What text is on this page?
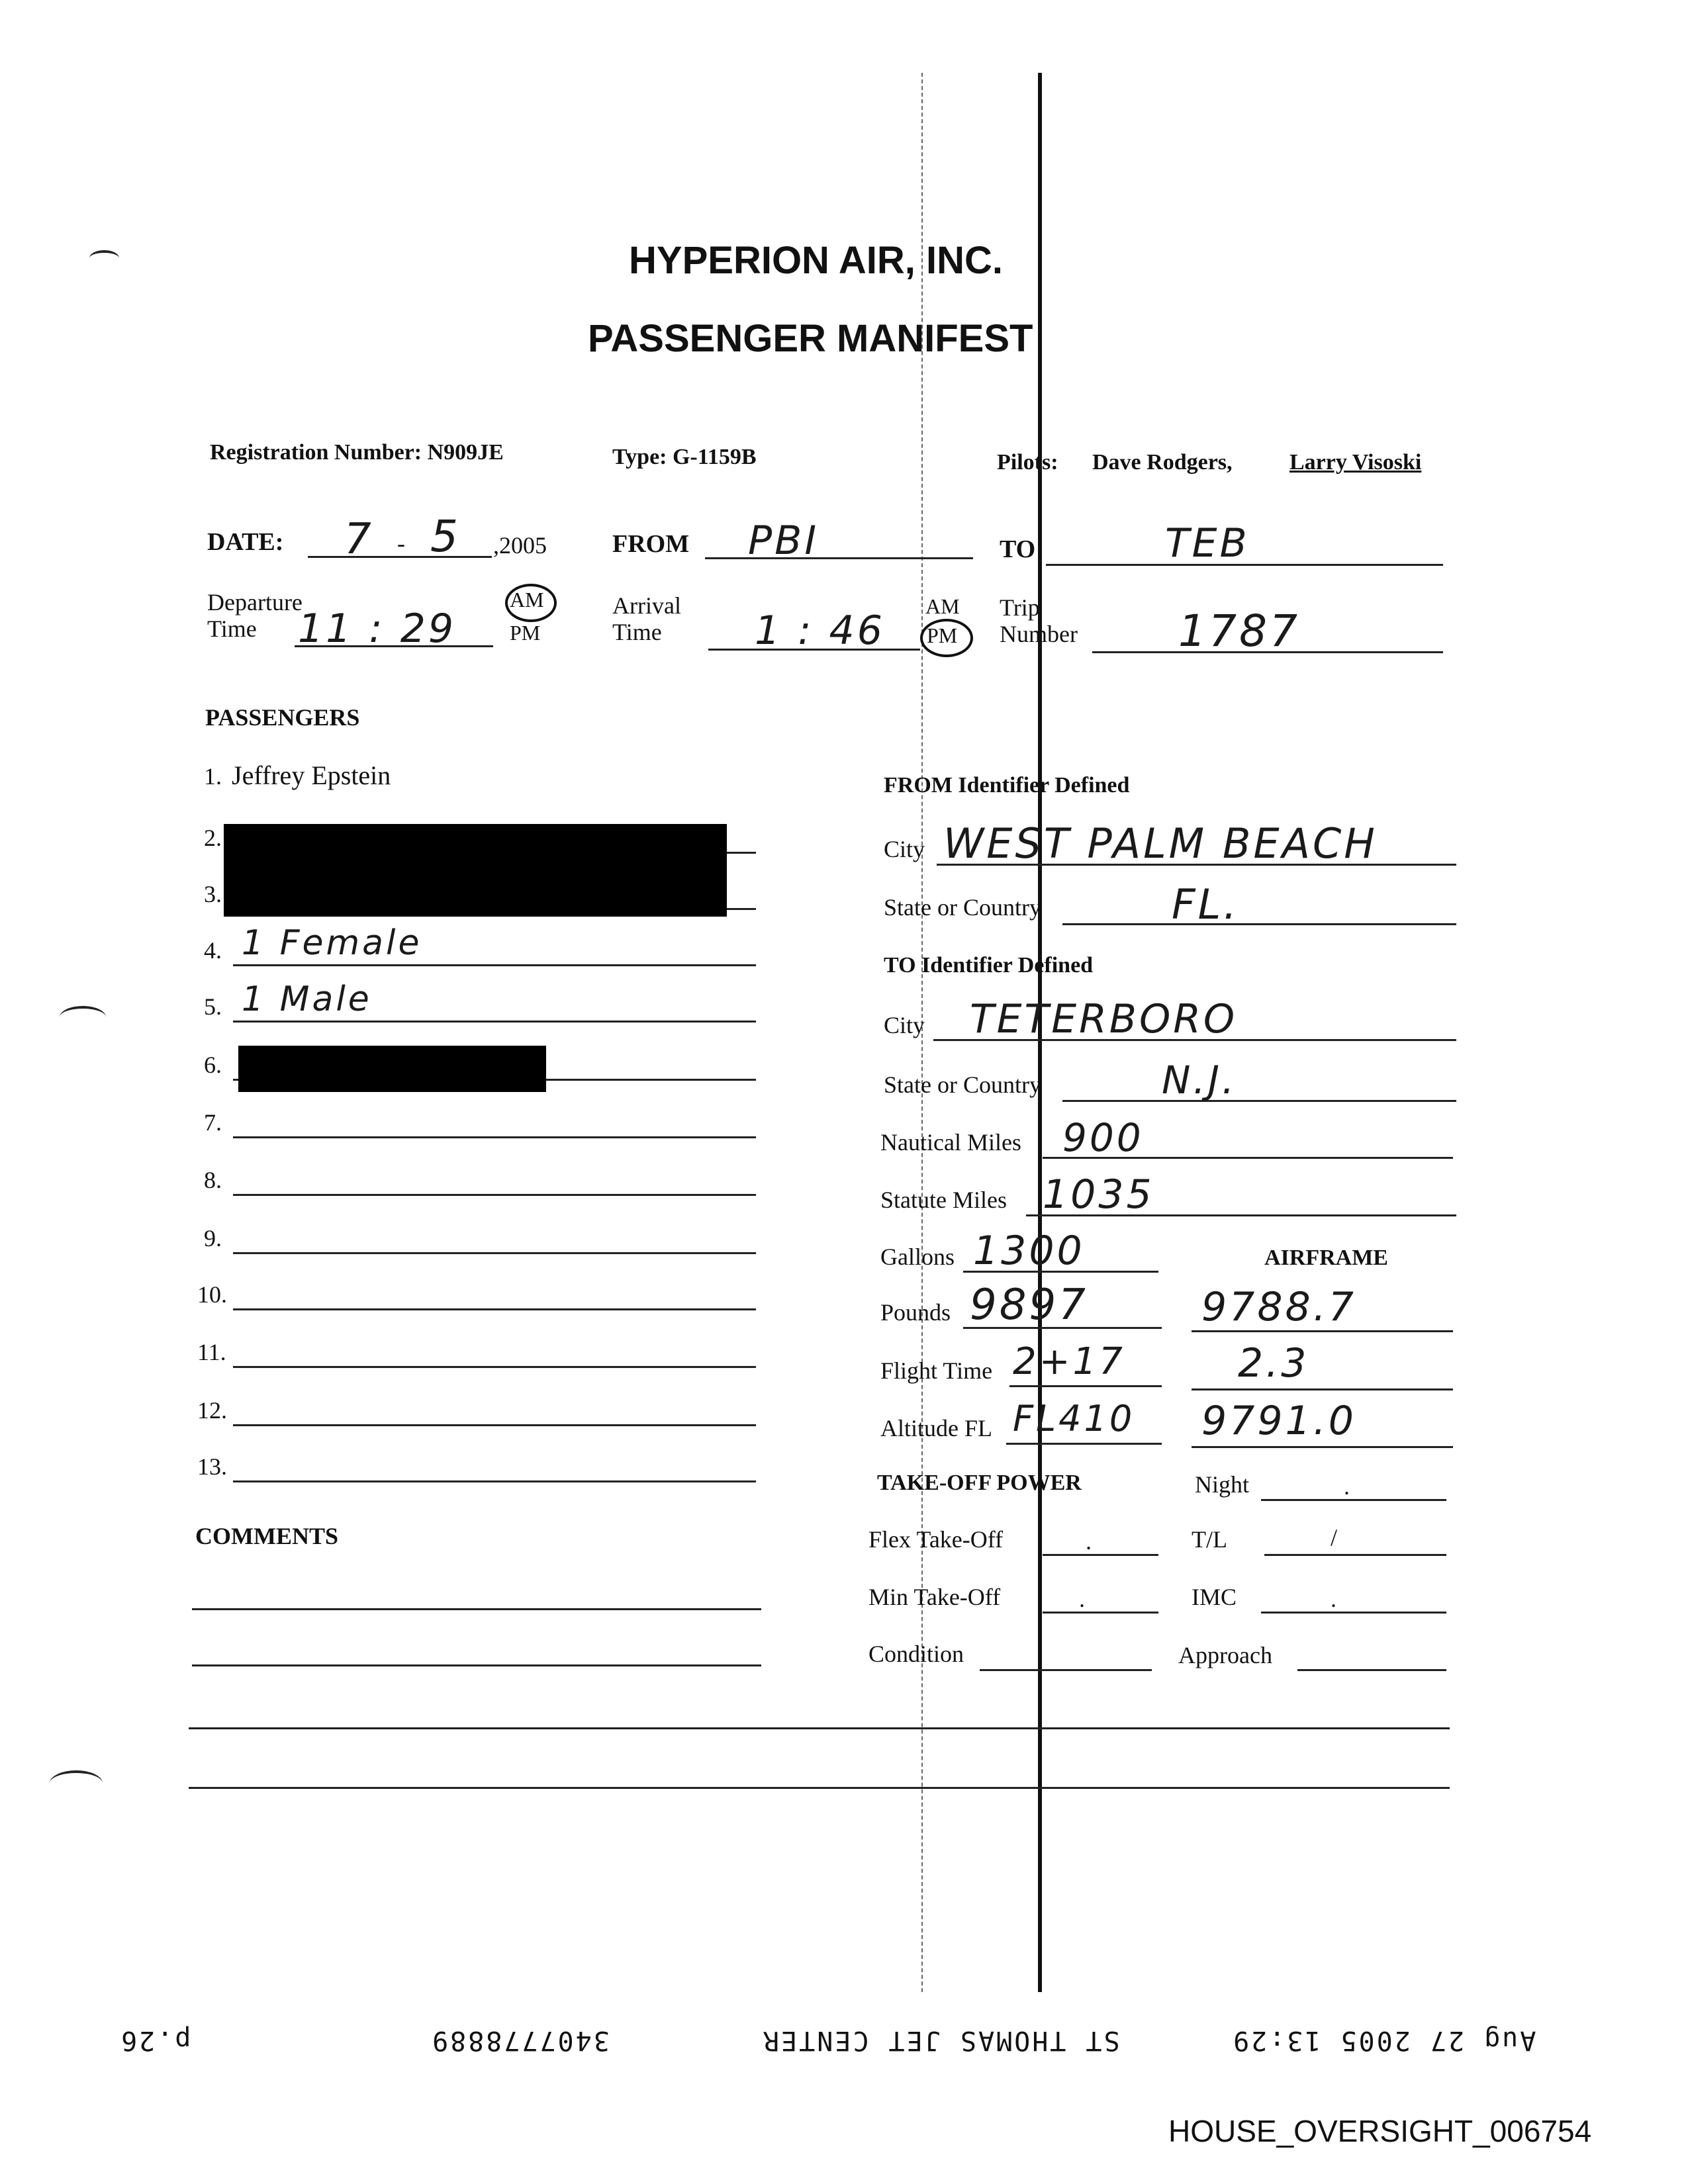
HYPERION AIR, INC.
PASSENGER MANIFEST
Registration Number: N909JE	Type: G-1159B	Pilots: Dave Rodgers,	Larry Visoski
DATE: 7 - 5 ,2005	FROM PBI	TO	TEB
Departure
Time	11 : 29
AM
PM
Arrival
Time	1 : 46
AM
PM
Trip
Number 1787
PASSENGERS
1. Jeffrey Epstein
2.
3.
4. 1 Female
5. 1 Male
6.
7.
8.
9.
10.
11.
12.
13.
COMMENTS
FROM Identifier Defined
City WEST PALM BEACH
State or Country	FL.
TO Identifier Defined
City TETERBORO
State or Country	N.J.
Nautical Miles 900
Statute Miles 1035
Gallons 1300	AIRFRAME
Pounds 9897	9788.7
Flight Time 2+17	2.3
Altitude FL FL410 9791.0
TAKE-OFF POWER	Night	.
Flex Take-Off	.	T/L	/
Min Take-Off	.	IMC	.
Condition	Approach
p.26	3407778889	ST THOMAS JET CENTER	Aug 27 2005 13:29
HOUSE_OVERSIGHT_006754
